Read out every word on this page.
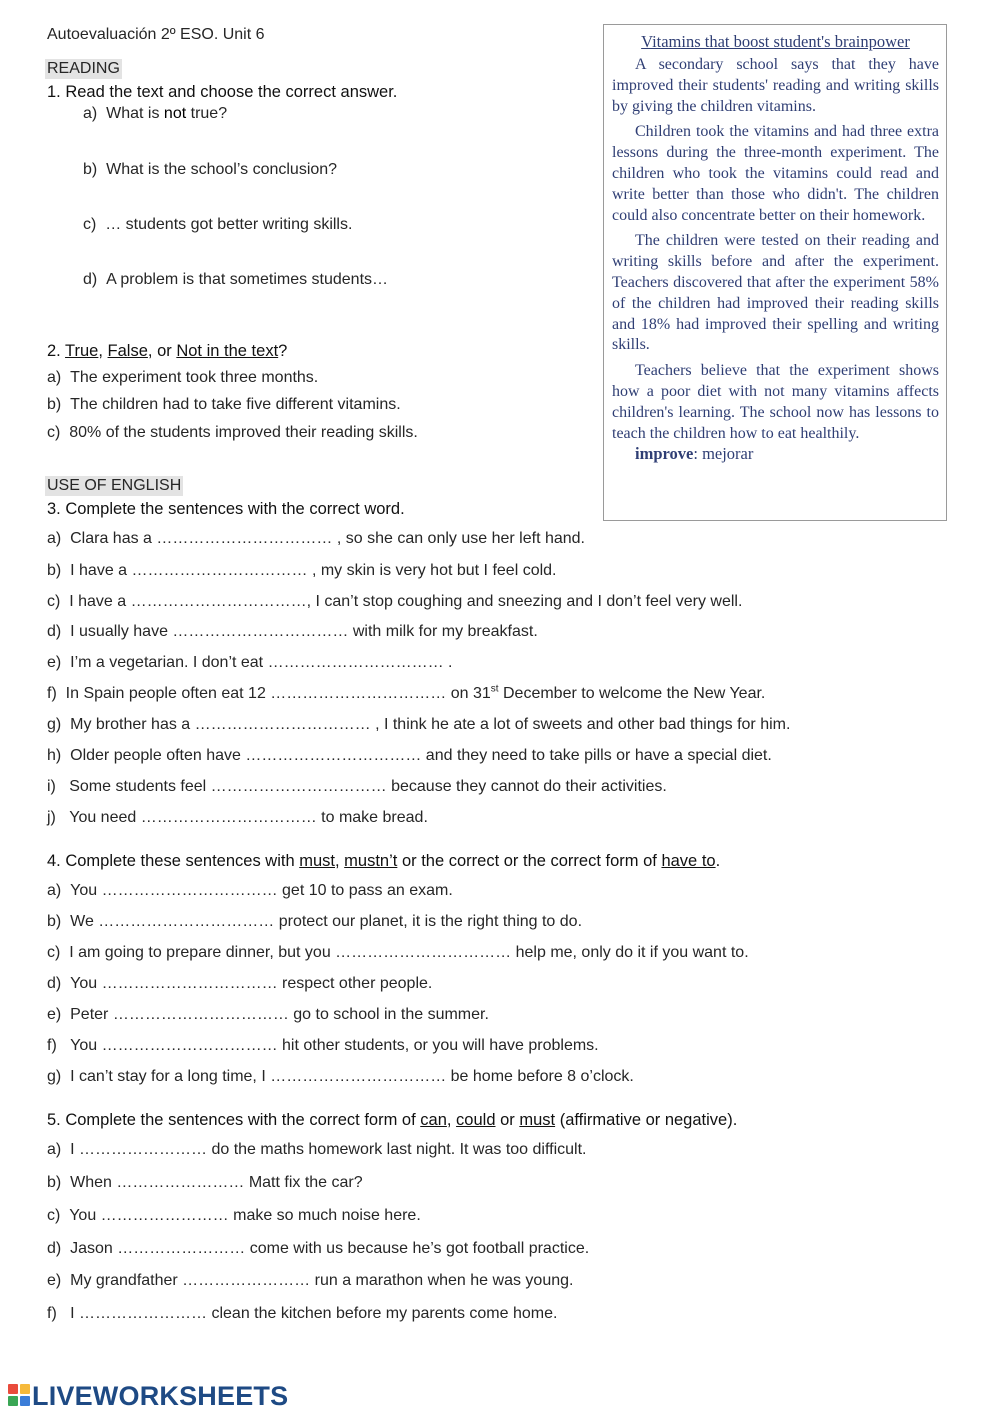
Autoevaluación 2º ESO. Unit 6
READING
1. Read the text and choose the correct answer.
a) What is not true?
b) What is the school’s conclusion?
c) … students got better writing skills.
d) A problem is that sometimes students…
2. True, False, or Not in the text?
a) The experiment took three months.
b) The children had to take five different vitamins.
c) 80% of the students improved their reading skills.
Vitamins that boost student's brainpower

A secondary school says that they have improved their students' reading and writing skills by giving the children vitamins.

Children took the vitamins and had three extra lessons during the three-month experiment. The children who took the vitamins could read and write better than those who didn't. The children could also concentrate better on their homework.

The children were tested on their reading and writing skills before and after the experiment. Teachers discovered that after the experiment 58% of the children had improved their reading skills and 18% had improved their spelling and writing skills.

Teachers believe that the experiment shows how a poor diet with not many vitamins affects children's learning. The school now has lessons to teach the children how to eat healthily.

improve: mejorar
USE OF ENGLISH
3. Complete the sentences with the correct word.
a) Clara has a …………………………… , so she can only use her left hand.
b) I have a …………………………… , my skin is very hot but I feel cold.
c) I have a ……………………………, I can’t stop coughing and sneezing and I don’t feel very well.
d) I usually have …………………………… with milk for my breakfast.
e) I’m a vegetarian. I don’t eat …………………………… .
f) In Spain people often eat 12 …………………………… on 31st December to welcome the New Year.
g) My brother has a …………………………… , I think he ate a lot of sweets and other bad things for him.
h) Older people often have …………………………… and they need to take pills or have a special diet.
i) Some students feel …………………………… because they cannot do their activities.
j) You need …………………………… to make bread.
4. Complete these sentences with must, mustn’t or the correct or the correct form of have to.
a) You …………………………… get 10 to pass an exam.
b) We …………………………… protect our planet, it is the right thing to do.
c) I am going to prepare dinner, but you …………………………… help me, only do it if you want to.
d) You …………………………… respect other people.
e) Peter …………………………… go to school in the summer.
f) You …………………………… hit other students, or you will have problems.
g) I can’t stay for a long time, I …………………………… be home before 8 o’clock.
5. Complete the sentences with the correct form of can, could or must (affirmative or negative).
a) I …………………… do the maths homework last night. It was too difficult.
b) When …………………… Matt fix the car?
c) You …………………… make so much noise here.
d) Jason …………………… come with us because he’s got football practice.
e) My grandfather …………………… run a marathon when he was young.
f) I …………………… clean the kitchen before my parents come home.
LIVEWORKSHEETS
